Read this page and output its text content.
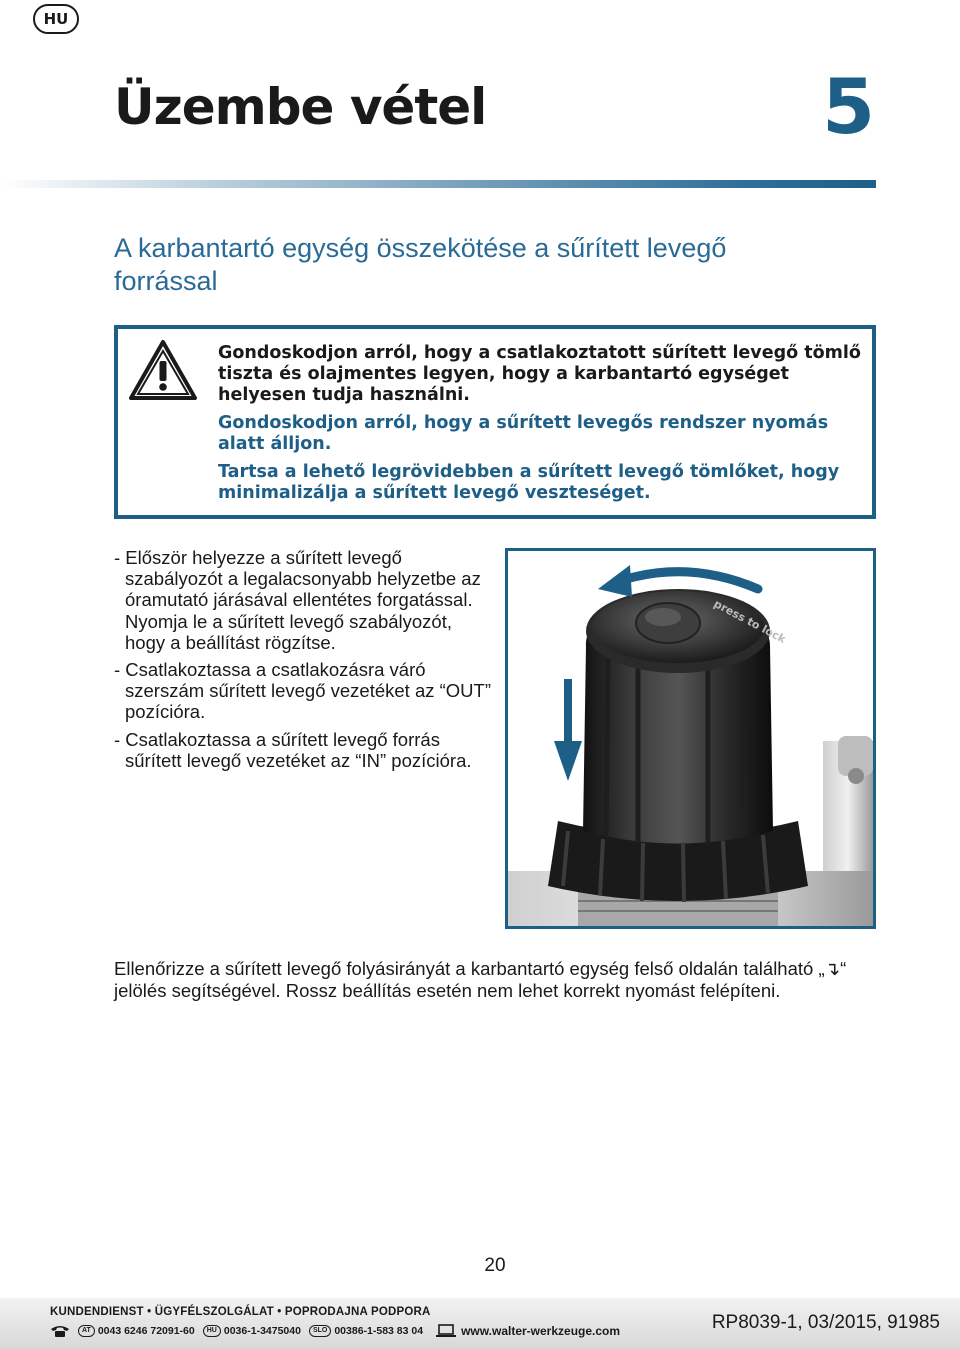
HU
Üzembe vétel	5
A karbantartó egység összekötése a sűrített levegő forrással

Gondoskodjon arról, hogy a csatlakoztatott sűrített levegő tömlő tiszta és olajmentes legyen, hogy a karbantartó egységet helyesen tudja használni.

Gondoskodjon arról, hogy a sűrített levegős rendszer nyomás alatt álljon.

Tartsa a lehető legrövidebben a sűrített levegő tömlőket, hogy minimalizálja a sűrített levegő veszteséget.

- Először helyezze a sűrített levegő szabályozót a legalacsonyabb helyzetbe az óramutató járásával ellentétes forgatással. Nyomja le a sűrített levegő szabályozót, hogy a beállítást rögzítse.

- Csatlakoztassa a csatlakozásra váró szerszám sűrített levegő vezetéket az “OUT” pozícióra.

- Csatlakoztassa a sűrített levegő forrás sűrített levegő vezetéket az “IN” pozícióra.

press to lock

Ellenőrizze a sűrített levegő folyásirányát a karbantartó egység felső oldalán található „↴“ jelölés segítségével. Rossz beállítás esetén nem lehet korrekt nyomást felépíteni.

20
KUNDENDIENST • ÜGYFÉLSZOLGÁLAT • POPRODAJNA PODPORA
AT 0043 6246 72091-60	HU 0036-1-3475040	SLO 00386-1-583 83 04	www.walter-werkzeuge.com	RP8039-1, 03/2015, 91985
